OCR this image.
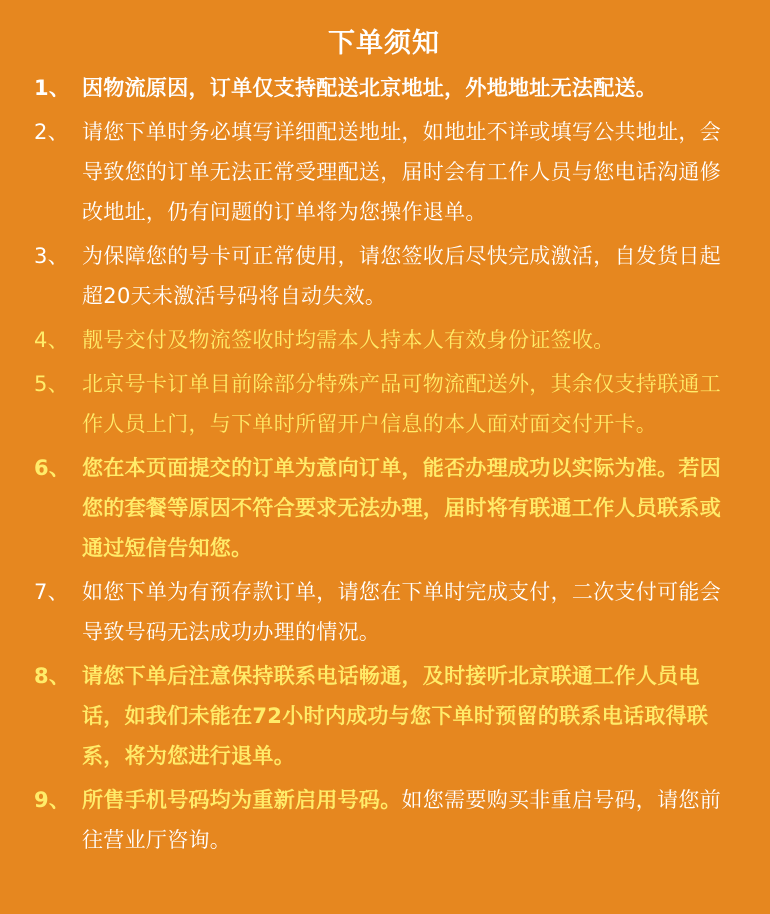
下单须知
1、 因物流原因，订单仅支持配送北京地址，外地地址无法配送。
2、 请您下单时务必填写详细配送地址，如地址不详或填写公共地址，会导致您的订单无法正常受理配送，届时会有工作人员与您电话沟通修改地址，仍有问题的订单将为您操作退单。
3、 为保障您的号卡可正常使用，请您签收后尽快完成激活，自发货日起超20天未激活号码将自动失效。
4、 靓号交付及物流签收时均需本人持本人有效身份证签收。
5、 北京号卡订单目前除部分特殊产品可物流配送外，其余仅支持联通工作人员上门，与下单时所留开户信息的本人面对面交付开卡。
6、 您在本页面提交的订单为意向订单，能否办理成功以实际为准。若因您的套餐等原因不符合要求无法办理，届时将有联通工作人员联系或通过短信告知您。
7、 如您下单为有预存款订单，请您在下单时完成支付，二次支付可能会导致号码无法成功办理的情况。
8、 请您下单后注意保持联系电话畅通，及时接听北京联通工作人员电话，如我们未能在72小时内成功与您下单时预留的联系电话取得联系，将为您进行退单。
9、 所售手机号码均为重新启用号码。如您需要购买非重启号码，请您前往营业厅咨询。
